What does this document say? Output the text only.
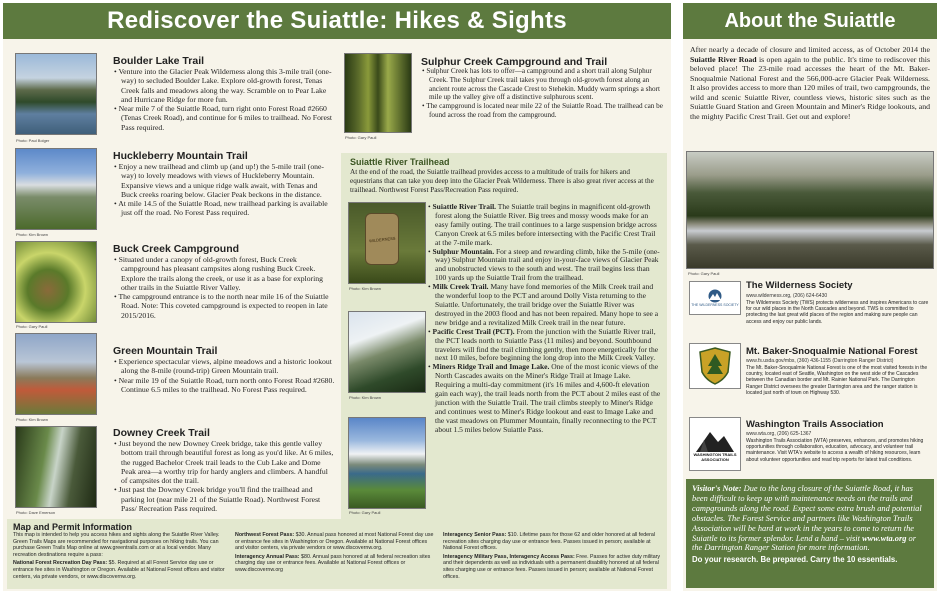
Rediscover the Suiattle: Hikes & Sights
Photo: Paul Bolger
Photo: Kim Brown
Photo: Gary Paull
Photo: Kim Brown
Photo: Dave Emerson
Boulder Lake Trail

• Venture into the Glacier Peak Wilderness along this 3-mile trail (one-way) to secluded Boulder Lake. Explore old-growth forest, Tenas Creek falls and meadows along the way. Scramble on to Pear Lake and Hurricane Ridge for more fun.

• Near mile 7 of the Suiattle Road, turn right onto Forest Road #2660 (Tenas Creek Road), and continue for 6 miles to trailhead. No Forest Pass required.

Huckleberry Mountain Trail

• Enjoy a new trailhead and climb up (and up!) the 5-mile trail (one-way) to lovely meadows with views of Huckleberry Mountain. Expansive views and a unique ridge walk await, with Tenas and Buck creeks roaring below. Glacier Peak beckons in the distance.

• At mile 14.5 of the Suiattle Road, new trailhead parking is available just off the road. No Forest Pass required.

Buck Creek Campground

• Situated under a canopy of old-growth forest, Buck Creek campground has pleasant campsites along rushing Buck Creek. Explore the trails along the creek, or use it as a base for exploring other trails in the Suiattle River Valley.

• The campground entrance is to the north near mile 16 of the Suiattle Road. Note: This coveted campground is expected to reopen in late 2015/2016.

Green Mountain Trail

• Experience spectacular views, alpine meadows and a historic lookout along the 8-mile (round-trip) Green Mountain trail.

• Near mile 19 of the Suiattle Road, turn north onto Forest Road #2680. Continue 6.5 miles to the trailhead. No Forest Pass required.

Downey Creek Trail

• Just beyond the new Downey Creek bridge, take this gentle valley bottom trail through beautiful forest as long as you'd like. At 6 miles, the rugged Bachelor Creek trail leads to the Cub Lake and Dome Peak area—a worthy trip for hardy anglers and climbers. A handful of campsites dot the trail.

• Just past the Downey Creek bridge you'll find the trailhead and parking lot (near mile 21 of the Suiattle Road). Northwest Forest Pass/ Recreation Pass required.

Photo: Gary Paull
Sulphur Creek Campground and Trail

• Sulphur Creek has lots to offer—a campground and a short trail along Sulphur Creek. The Sulphur Creek trail takes you through old-growth forest along an ancient route across the Cascade Crest to Stehekin. Muddy warm springs a short mile up the valley give off a distinctive sulphurous scent.

• The campground is located near mile 22 of the Suiattle Road. The trailhead can be found across the road from the campground.

Suiattle River Trailhead
At the end of the road, the Suiattle trailhead provides access to a multitude of trails for hikers and equestrians that can take you deep into the Glacier Peak Wilderness. There is also great river access at the trailhead. Northwest Forest Pass/Recreation Pass required.
WILDERNESS
Photo: Kim Brown
Photo: Kim Brown
Photo: Gary Paull

• Suiattle River Trail. The Suiattle trail begins in magnificent old-growth forest along the Suiattle River. Big trees and mossy woods make for an easy family outing. The trail continues to a large suspension bridge across Canyon Creek at 6.5 miles before intersecting with the Pacific Crest Trail at the 7-mile mark.

• Sulphur Mountain. For a steep and rewarding climb, hike the 5-mile (one-way) Sulphur Mountain trail and enjoy in-your-face views of Glacier Peak and unobstructed views to the south and west. The trail begins less than 100 yards up the Suiattle Trail from the trailhead.

• Milk Creek Trail. Many have fond memories of the Milk Creek trail and the wonderful loop to the PCT and around Dolly Vista returning to the Suiattle. Unfortunately, the trail bridge over the Suiattle River was destroyed in the 2003 flood and has not been repaired. Many hope to see a new bridge and a revitalized Milk Creek trail in the near future.

• Pacific Crest Trail (PCT). From the junction with the Suiattle River trail, the PCT leads north to Suiattle Pass (11 miles) and beyond. Southbound travelers will find the trail climbing gently, then more energetically for the next 10 miles, before beginning the long drop into the Milk Creek Valley.

• Miners Ridge Trail and Image Lake. One of the most iconic views of the North Cascades awaits on the Miner's Ridge Trail at Image Lake. Requiring a multi-day commitment (it's 16 miles and 4,600-ft elevation gain each way), the trail leads north from the PCT about 2 miles east of the junction with the Suiattle Trail. The trail climbs steeply to Miner's Ridge and continues west to Miner's Ridge lookout and east to Image Lake and the vast meadows on Plummer Mountain, finally reconnecting to the PCT about 1.5 miles below Suiattle Pass.

Map and Permit Information
This map is intended to help you access hikes and sights along the Suiattle River Valley. Green Trails Maps are recommended for navigational purposes on hiking trails. You can purchase Green Trails Map online at www.greentrails.com or at a local vendor. Many recreation destinations require a pass:
National Forest Recreation Day Pass: $5. Required at all Forest Service day use or entrance fee sites in Washington or Oregon. Available at National Forest offices and visitor centers, via private vendors, or www.discovernw.org.
Northwest Forest Pass: $30. Annual pass honored at most National Forest day use or entrance fee sites in Washington or Oregon. Available at National Forest offices and visitor centers, via private vendors or www.discovernw.org.
Interagency Annual Pass: $80. Annual pass honored at all federal recreation sites charging day use or entrance fees. Available at National Forest offices or www.discovernw.org
Interagency Senior Pass: $10. Lifetime pass for those 62 and older honored at all federal recreation sites charging day use or entrance fees. Passes issued in person; available at National Forest offices.
Interagency Military Pass, Interagency Access Pass: Free. Passes for active duty military and their dependents as well as individuals with a permanent disability honored at all federal sites charging use or entrance fees. Passes issued in person; available at National Forest offices.
About the Suiattle
After nearly a decade of closure and limited access, as of October 2014 the Suiattle River Road is open again to the public. It's time to rediscover this beloved place! The 23-mile road accesses the heart of the Mt. Baker-Snoqualmie National Forest and the 566,000-acre Glacier Peak Wilderness. It also provides access to more than 120 miles of trail, two campgrounds, the wild and scenic Suiattle River, countless views, historic sites such as the Suiattle Guard Station and Green Mountain and Miner's Ridge lookouts, and the mighty Pacific Crest Trail. Get out and explore!
Photo: Gary Paull
THE WILDERNESS SOCIETY
The Wilderness Society
www.wilderness.org, (206) 624-6430
The Wilderness Society (TWS) protects wilderness and inspires Americans to care for our wild places in the North Cascades and beyond. TWS is committed to protecting the last great wild places of the region and making sure people can access and enjoy our public lands.
Mt. Baker-Snoqualmie National Forest
www.fs.usda.gov/mbs, (360) 436-1155 (Darrington Ranger District)
The Mt. Baker-Snoqualmie National Forest is one of the most visited forests in the country, located east of Seattle, Washington on the west side of the Cascades between the Canadian border and Mt. Rainier National Park. The Darrington Ranger District oversees the greater Darrington area and the ranger station is located just north of town on Highway 530.
WASHINGTON TRAILS ASSOCIATION
Washington Trails Association
www.wta.org, (206) 625-1367
Washington Trails Association (WTA) preserves, enhances, and promotes hiking opportunities through collaboration, education, advocacy, and volunteer trail maintenance. Visit WTA's website to access a wealth of hiking resources, learn about volunteer opportunities and read trip reports for latest trail conditions.
Visitor's Note: Due to the long closure of the Suiattle Road, it has been difficult to keep up with maintenance needs on the trails and campgrounds along the road. Expect some extra brush and potential obstacles. The Forest Service and partners like Washington Trails Association will be hard at work in the years to come to return the Suiattle to its former splendor. Lend a hand – visit www.wta.org or the Darrington Ranger Station for more information.
Do your research. Be prepared. Carry the 10 essentials.
